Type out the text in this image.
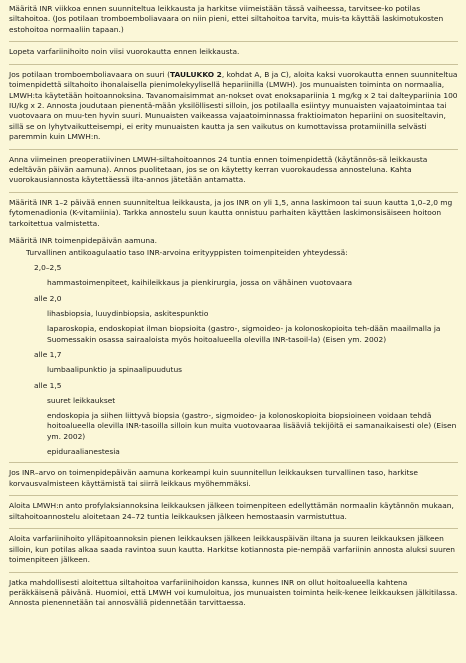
Määritä INR viikkoa ennen suunniteltua leikkausta ja harkitse viimeistään tässä vaiheessa, tarvitsee-ko potilas siltahoitoa. (Jos potilaan tromboemboliavaara on niin pieni, ettei siltahoitoa tarvita, muis-ta käyttää laskimotukosten estohoitoa normaaliin tapaan.)

Lopeta varfariinihoito noin viisi vuorokautta ennen leikkausta.

Jos potilaan tromboemboliavaara on suuri (TAULUKKO 2, kohdat A, B ja C), aloita kaksi vuorokautta ennen suunniteltua toimenpidettä siltahoito ihonalaisella pienimolekyylisellä hepariinilla (LMWH). Jos munuaisten toiminta on normaalia, LMWH:ta käytetään hoitoannoksina. Tavanomaisimmat an-nokset ovat enoksapariinia 1 mg/kg x 2 tai dalteypariinia 100 IU/kg x 2. Annosta joudutaan pienentä-mään yksilöllisesti silloin, jos potilaalla esiintyy munuaisten vajaatoimintaa tai vuotovaara on muu-ten hyvin suuri. Munuaisten vaikeassa vajaatoiminnassa fraktioimaton hepariini on suositeltavin, sillä se on lyhytvaikutteisempi, ei erity munuaisten kautta ja sen vaikutus on kumottavissa protamiinilla selvästi paremmin kuin LMWH:n.

Anna viimeinen preoperatiivinen LMWH-siltahoitoannos 24 tuntia ennen toimenpidettä (käytännös-sä leikkausta edeltävän päivän aamuna). Annos puolitetaan, jos se on käytetty kerran vuorokaudessa annosteluna. Kahta vuorokausiannosta käytettäessä ilta-annos jätetään antamatta.

Määritä INR 1–2 päivää ennen suunniteltua leikkausta, ja jos INR on yli 1,5, anna laskimoon tai suun kautta 1,0–2,0 mg fytomenadionia (K-vitamiinia). Tarkka annostelu suun kautta onnistuu parhaiten käyttäen laskimonsisäiseen hoitoon tarkoitettua valmistetta.

Määritä INR toimenpidepäivän aamuna.

Turvallinen antikoagulaatio taso INR-arvoina erityyppisten toimenpiteiden yhteydessä:

2,0–2,5

hammastoimenpiteet, kaihileikkaus ja pienkirurgia, jossa on vähäinen vuotovaara

alle 2,0

lihasbiopsia, luuydinbiopsia, askitespunktio

laparoskopia, endoskopiat ilman biopsioita (gastro-, sigmoideo- ja kolonoskopioita teh-dään maailmalla ja Suomessakin osassa sairaaloista myös hoitoalueella olevilla INR-tasoil-la) (Eisen ym. 2002)

alle 1,7

lumbaalipunktio ja spinaalipuudutus

alle 1,5

suuret leikkaukset

endoskopia ja siihen liittyvä biopsia (gastro-, sigmoideo- ja kolonoskopioita biopsioineen voidaan tehdä hoitoalueella olevilla INR-tasoilla silloin kun muita vuotovaaraa lisääviä tekijöitä ei samanaikaisesti ole) (Eisen ym. 2002)

epiduraalianestesia

Jos INR–arvo on toimenpidepäivän aamuna korkeampi kuin suunnitellun leikkauksen turvallinen taso, harkitse korvausvalmisteen käyttämistä tai siirrä leikkaus myöhemmäksi.

Aloita LMWH:n anto profylaksiannoksina leikkauksen jälkeen toimenpiteen edellyttämän normaalin käytännön mukaan, siltahoitoannostelu aloitetaan 24–72 tuntia leikkauksen jälkeen hemostaasin varmistuttua.

Aloita varfariinihoito ylläpitoannoksin pienen leikkauksen jälkeen leikkauspäivän iltana ja suuren leikkauksen jälkeen silloin, kun potilas alkaa saada ravintoa suun kautta. Harkitse kotiannosta pie-nempää varfariinin annosta aluksi suuren toimenpiteen jälkeen.

Jatka mahdollisesti aloitettua siltahoitoa varfariinihoidon kanssa, kunnes INR on ollut hoitoalueella kahtena peräkkäisenä päivänä. Huomioi, että LMWH voi kumuloitua, jos munuaisten toiminta heik-kenee leikkauksen jälkitilassa. Annosta pienennetään tai annosväliä pidennetään tarvittaessa.
